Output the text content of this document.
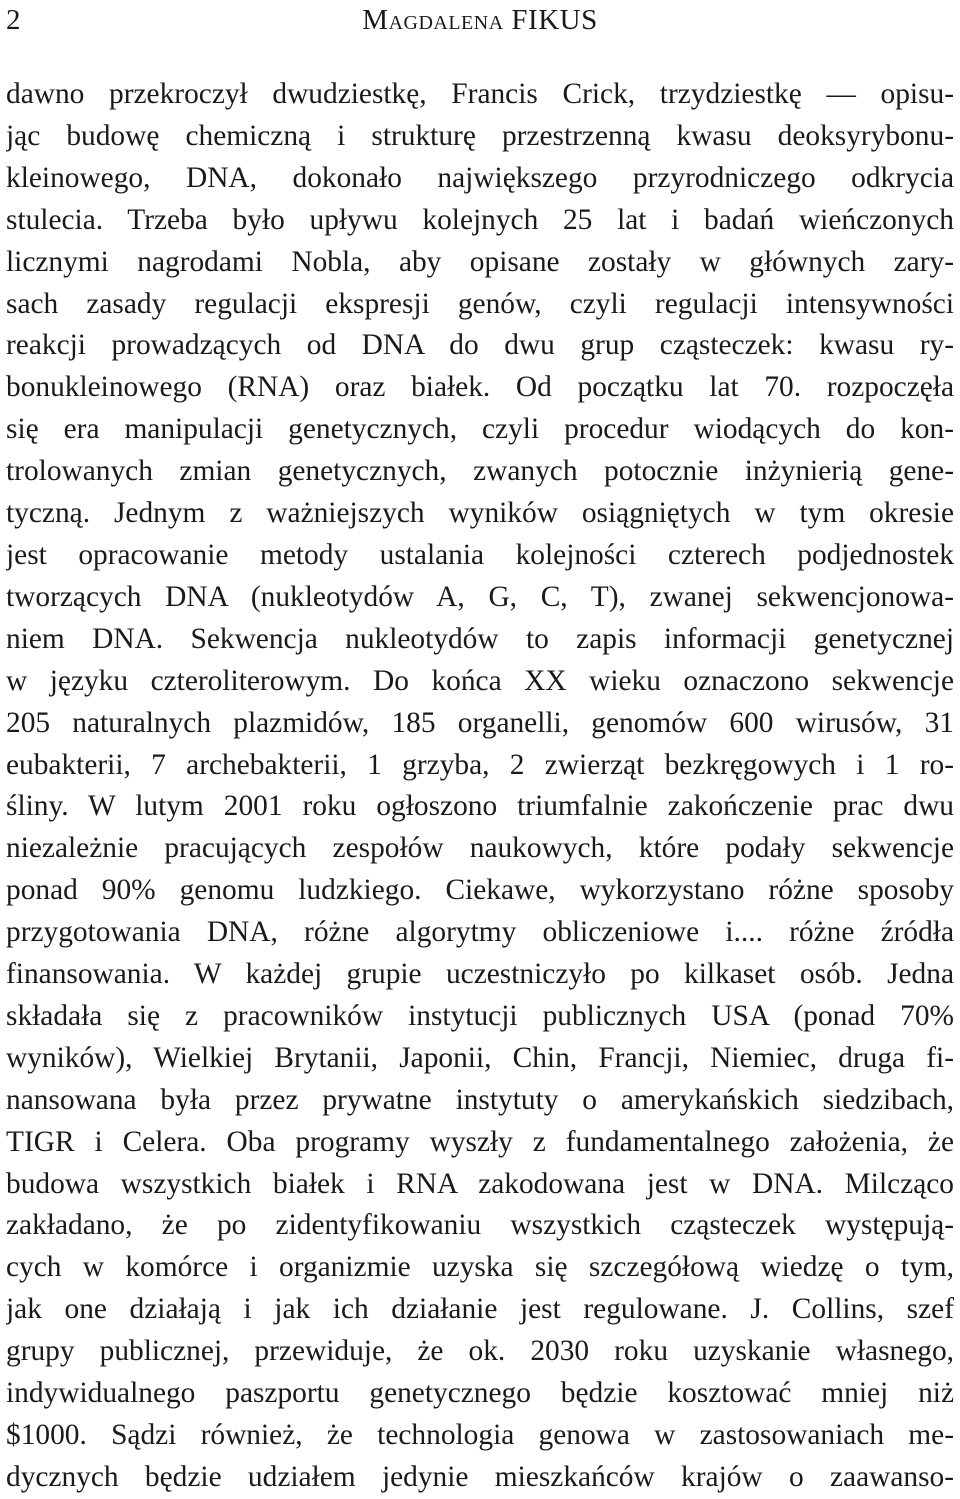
2	Magdalena FIKUS
dawno przekroczył dwudziestkę, Francis Crick, trzydziestkę — opisu-
jąc budowę chemiczną i strukturę przestrzenną kwasu deoksyrybonu-
kleinowego, DNA, dokonało największego przyrodniczego odkrycia
stulecia. Trzeba było upływu kolejnych 25 lat i badań wieńczonych
licznymi nagrodami Nobla, aby opisane zostały w głównych zary-
sach zasady regulacji ekspresji genów, czyli regulacji intensywności
reakcji prowadzących od DNA do dwu grup cząsteczek: kwasu ry-
bonukleinowego (RNA) oraz białek. Od początku lat 70. rozpoczęła
się era manipulacji genetycznych, czyli procedur wiodących do kon-
trolowanych zmian genetycznych, zwanych potocznie inżynierią gene-
tyczną. Jednym z ważniejszych wyników osiągniętych w tym okresie
jest opracowanie metody ustalania kolejności czterech podjednostek
tworzących DNA (nukleotydów A, G, C, T), zwanej sekwencjonowa-
niem DNA. Sekwencja nukleotydów to zapis informacji genetycznej
w języku czteroliterowym. Do końca XX wieku oznaczono sekwencje
205 naturalnych plazmidów, 185 organelli, genomów 600 wirusów, 31
eubakterii, 7 archebakterii, 1 grzyba, 2 zwierząt bezkręgowych i 1 ro-
śliny. W lutym 2001 roku ogłoszono triumfalnie zakończenie prac dwu
niezależnie pracujących zespołów naukowych, które podały sekwencje
ponad 90% genomu ludzkiego. Ciekawe, wykorzystano różne sposoby
przygotowania DNA, różne algorytmy obliczeniowe i.... różne źródła
finansowania. W każdej grupie uczestniczyło po kilkaset osób. Jedna
składała się z pracowników instytucji publicznych USA (ponad 70%
wyników), Wielkiej Brytanii, Japonii, Chin, Francji, Niemiec, druga fi-
nansowana była przez prywatne instytuty o amerykańskich siedzibach,
TIGR i Celera. Oba programy wyszły z fundamentalnego założenia, że
budowa wszystkich białek i RNA zakodowana jest w DNA. Milcząco
zakładano, że po zidentyfikowaniu wszystkich cząsteczek występują-
cych w komórce i organizmie uzyska się szczegółową wiedzę o tym,
jak one działają i jak ich działanie jest regulowane. J. Collins, szef
grupy publicznej, przewiduje, że ok. 2030 roku uzyskanie własnego,
indywidualnego paszportu genetycznego będzie kosztować mniej niż
$1000. Sądzi również, że technologia genowa w zastosowaniach me-
dycznych będzie udziałem jedynie mieszkańców krajów o zaawanso-
